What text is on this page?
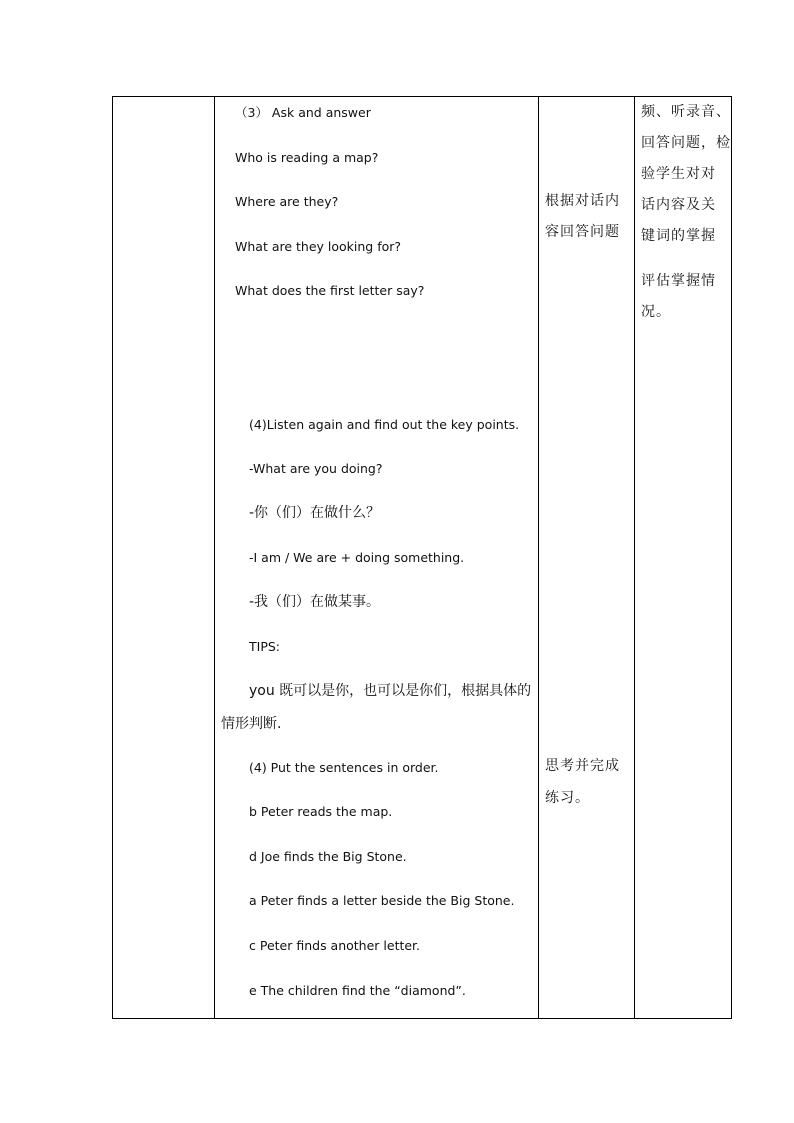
（3） Ask and answer
Who is reading a map?
Where are they?
What are they looking for?
What does the first letter say?
(4)Listen again and find out the key points.
-What are you doing?
-你（们）在做什么？
-I am / We are + doing something.
-我（们）在做某事。
TIPS:
you 既可以是你，也可以是你们，根据具体的
情形判断.
(4) Put the sentences in order.
b Peter reads the map.
d Joe finds the Big Stone.
a Peter finds a letter beside the Big Stone.
c Peter finds another letter.
e The children find the “diamond”.
根据对话内
容回答问题
思考并完成
练习。
频、听录音、
回答问题，检
验学生对对
话内容及关
键词的掌握
评估掌握情
况。
